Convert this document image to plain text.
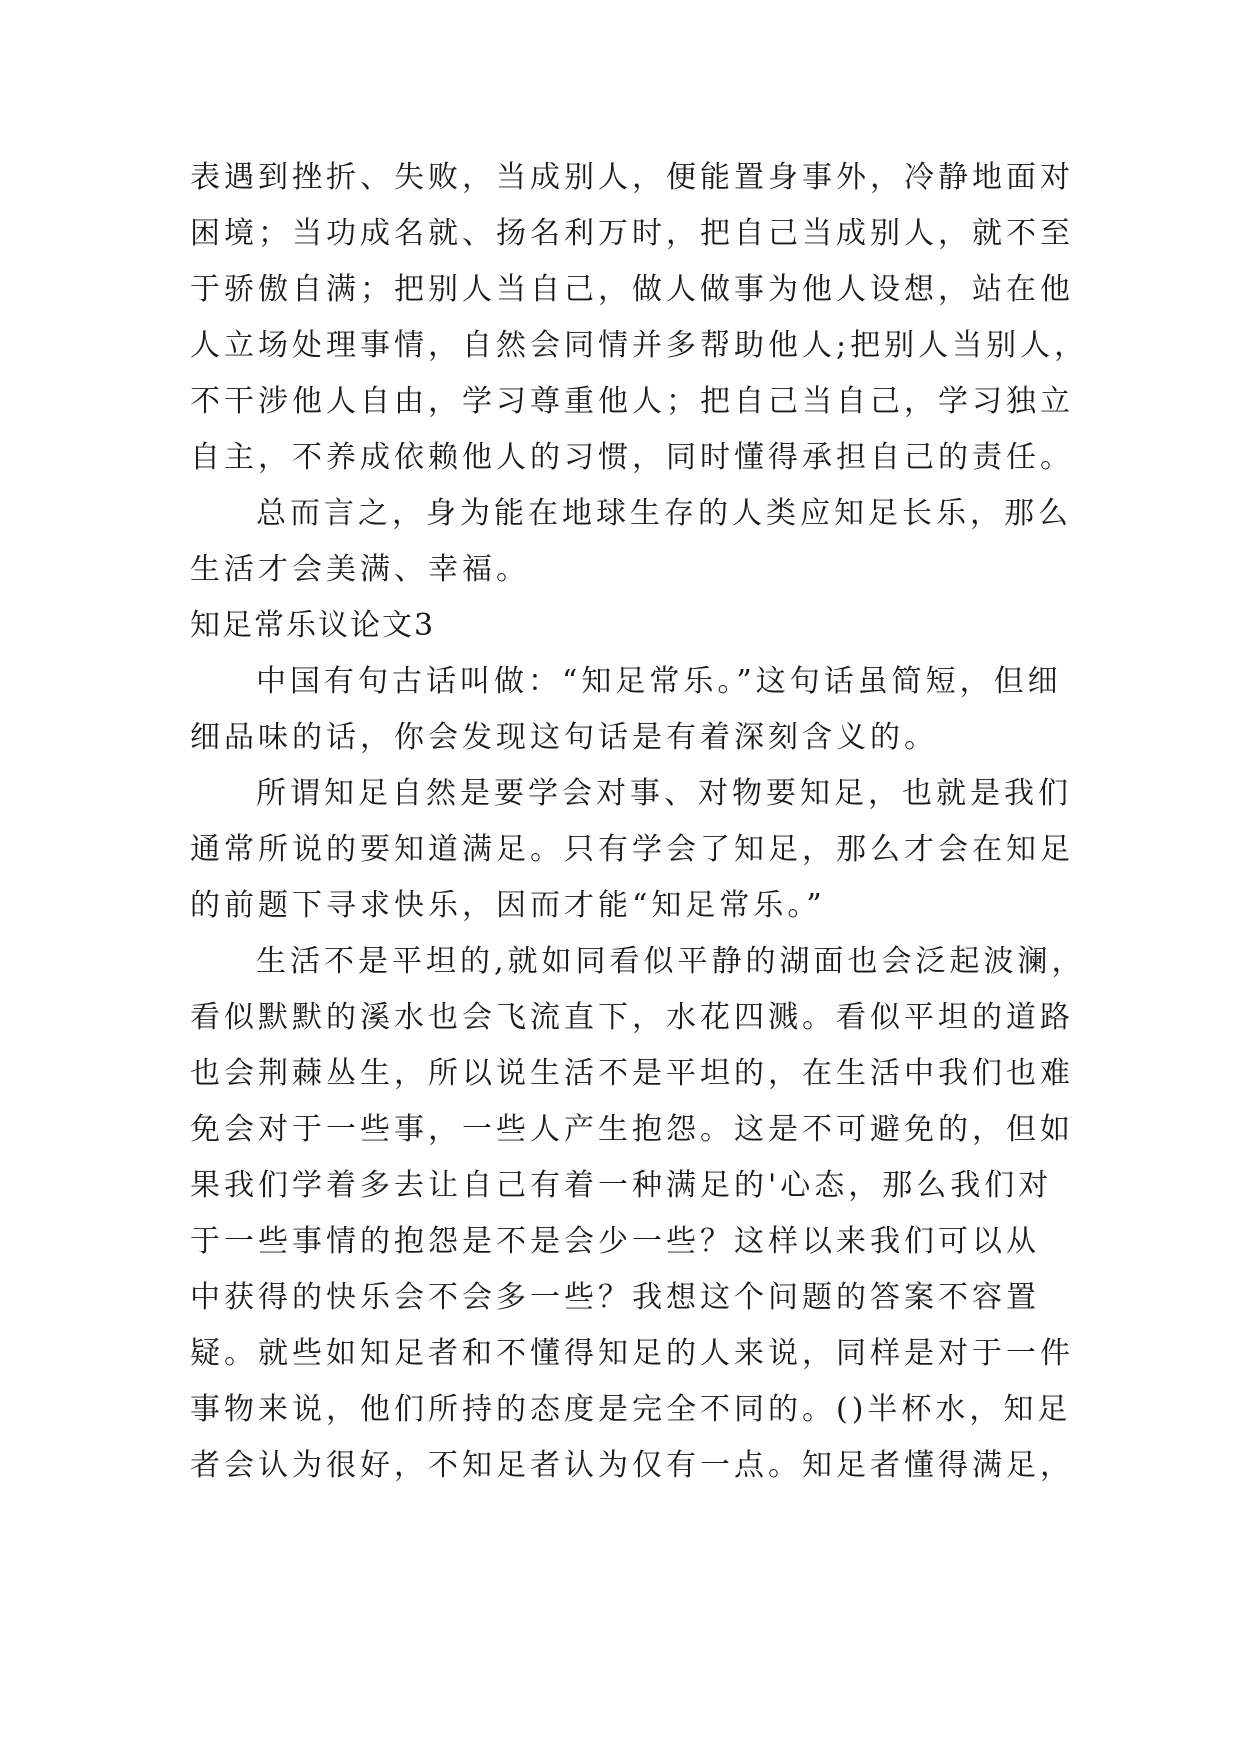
表遇到挫折、失败，当成别人，便能置身事外，冷静地面对
困境；当功成名就、扬名利万时，把自己当成别人，就不至
于骄傲自满；把别人当自己，做人做事为他人设想，站在他
人立场处理事情，自然会同情并多帮助他人;把别人当别人，
不干涉他人自由，学习尊重他人；把自己当自己，学习独立
自主，不养成依赖他人的习惯，同时懂得承担自己的责任。
总而言之，身为能在地球生存的人类应知足长乐，那么
生活才会美满、幸福。
知足常乐议论文3
中国有句古话叫做：“知足常乐。”这句话虽简短，但细
细品味的话，你会发现这句话是有着深刻含义的。
所谓知足自然是要学会对事、对物要知足，也就是我们
通常所说的要知道满足。只有学会了知足，那么才会在知足
的前题下寻求快乐，因而才能“知足常乐。”
生活不是平坦的,就如同看似平静的湖面也会泛起波澜，
看似默默的溪水也会飞流直下，水花四溅。看似平坦的道路
也会荆蕀丛生，所以说生活不是平坦的，在生活中我们也难
免会对于一些事，一些人产生抱怨。这是不可避免的，但如
果我们学着多去让自己有着一种满足的'心态，那么我们对
于一些事情的抱怨是不是会少一些？这样以来我们可以从
中获得的快乐会不会多一些？我想这个问题的答案不容置
疑。就些如知足者和不懂得知足的人来说，同样是对于一件
事物来说，他们所持的态度是完全不同的。()半杯水，知足
者会认为很好，不知足者认为仅有一点。知足者懂得满足，
